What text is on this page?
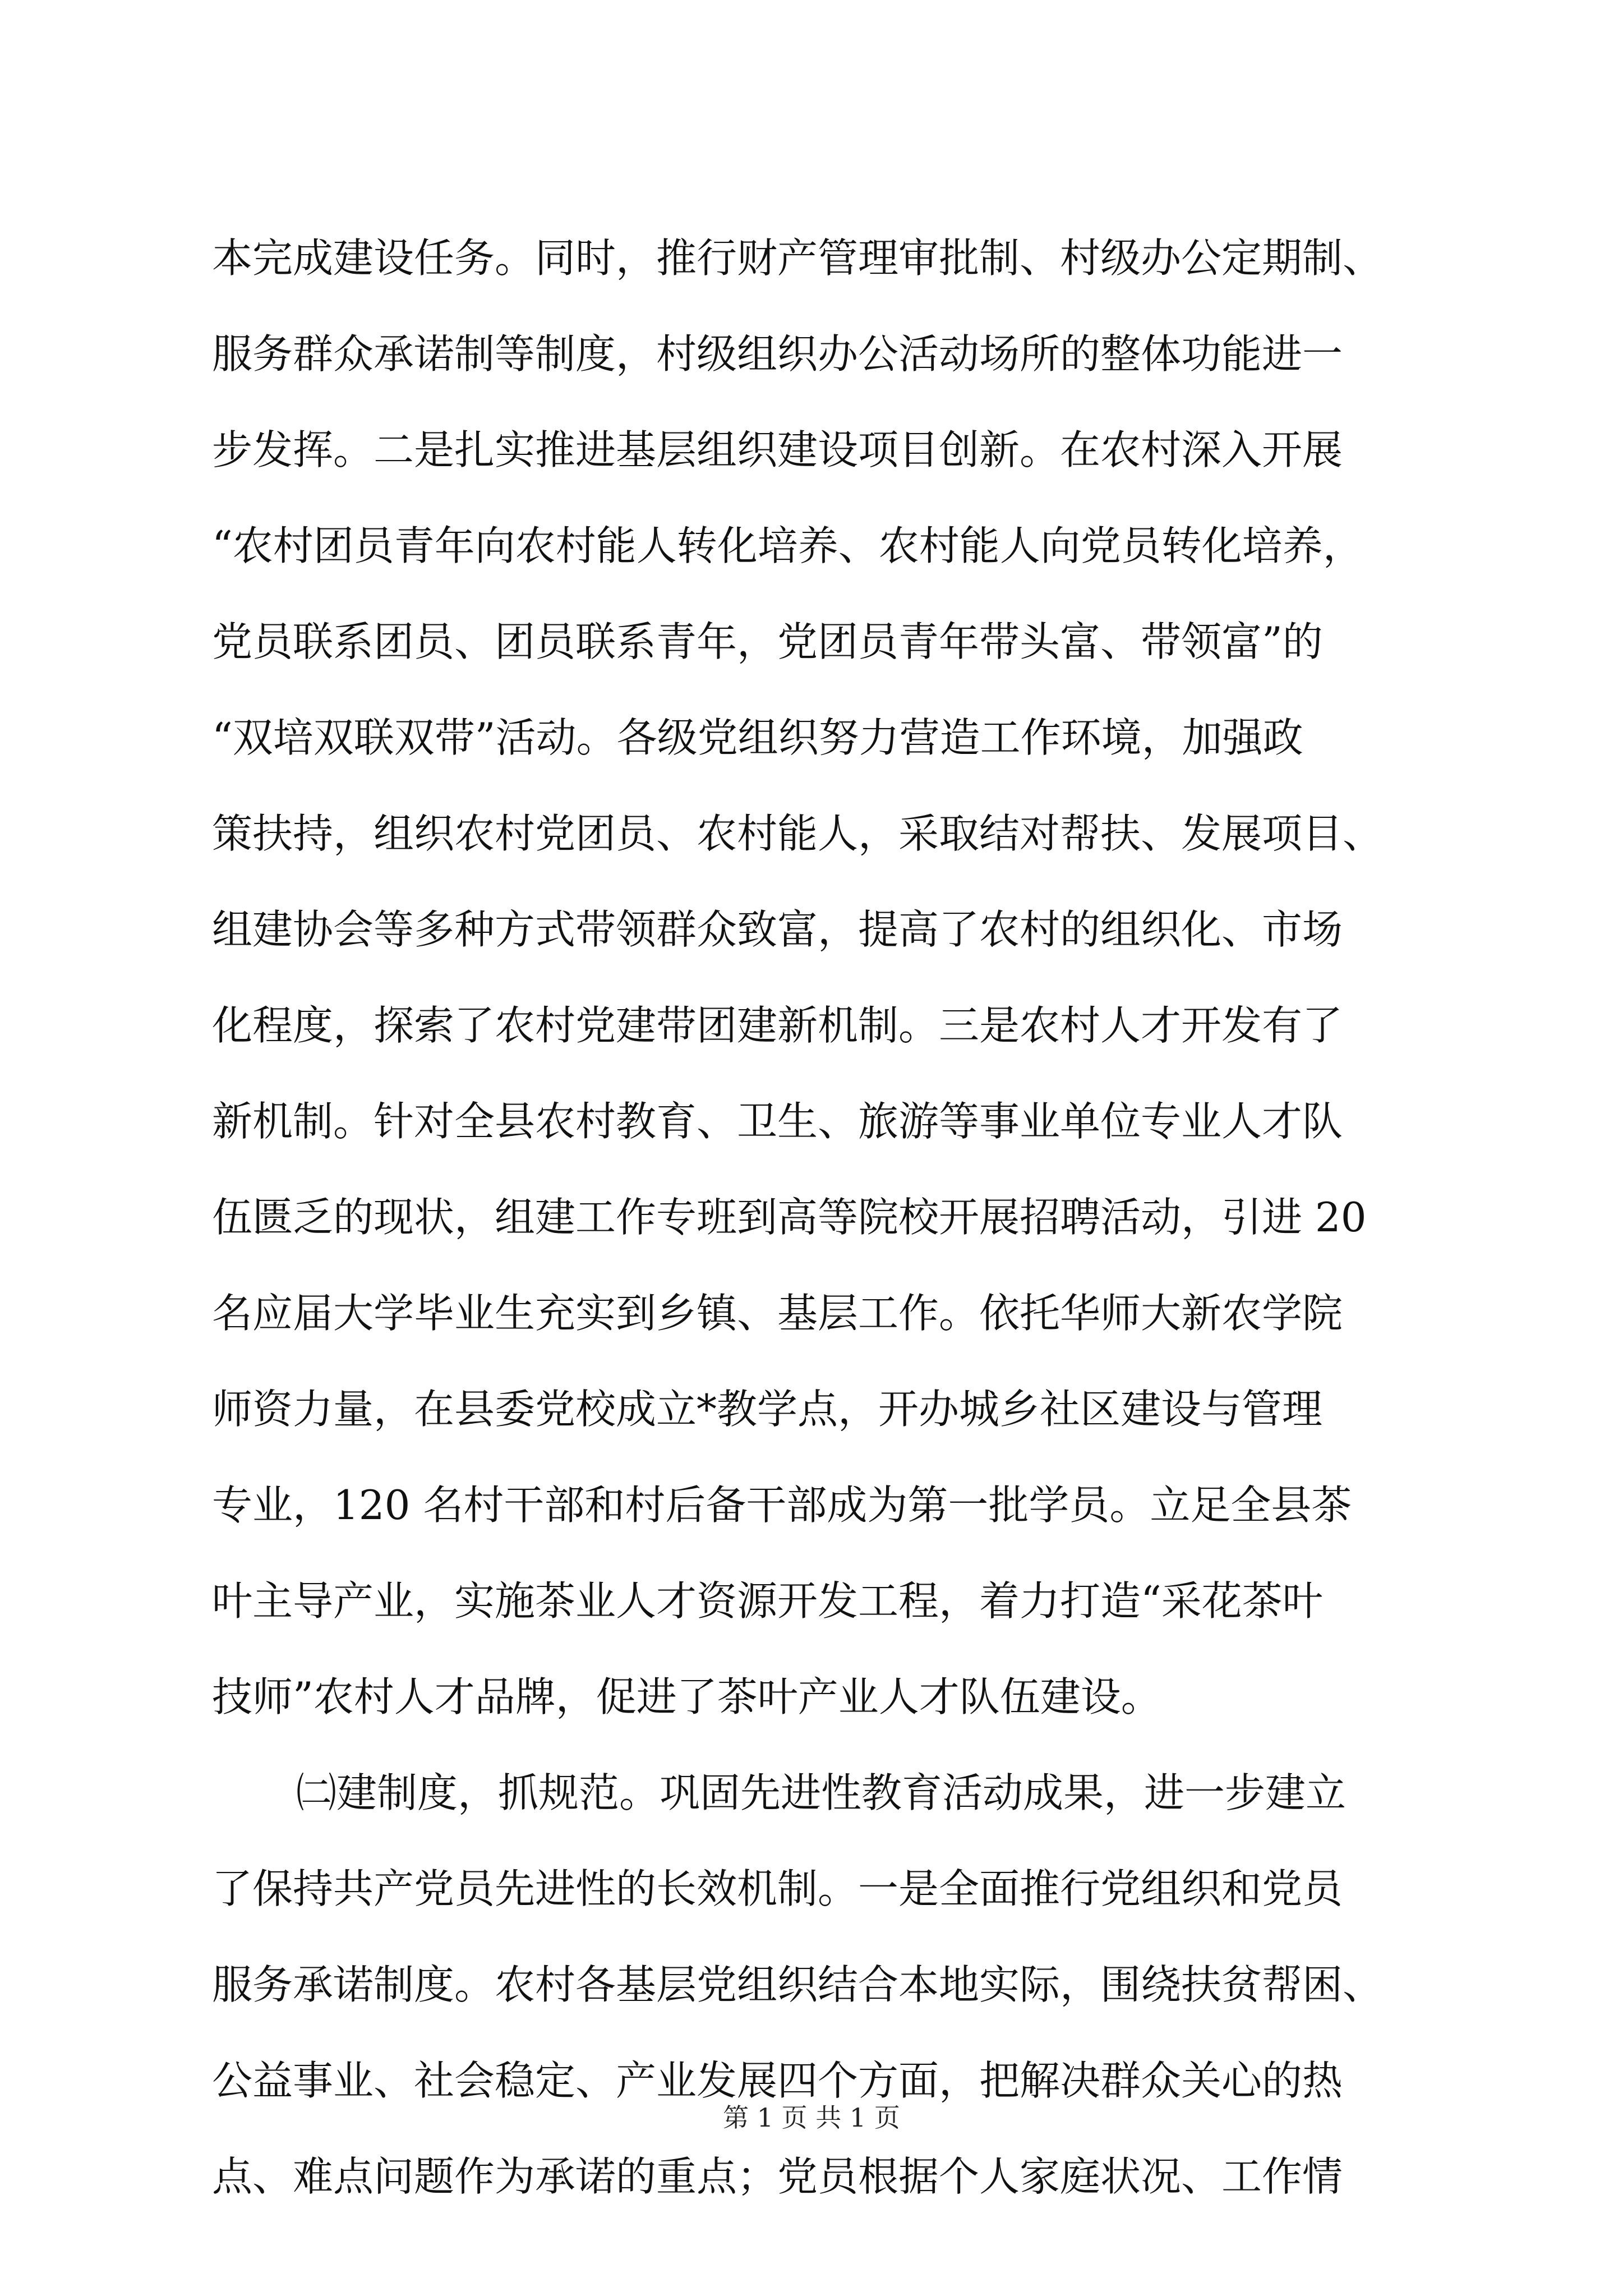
本完成建设任务。同时，推行财产管理审批制、村级办公定期制、
服务群众承诺制等制度，村级组织办公活动场所的整体功能进一
步发挥。二是扎实推进基层组织建设项目创新。在农村深入开展
“农村团员青年向农村能人转化培养、农村能人向党员转化培养，
党员联系团员、团员联系青年，党团员青年带头富、带领富”的
“双培双联双带”活动。各级党组织努力营造工作环境，加强政
策扶持，组织农村党团员、农村能人，采取结对帮扶、发展项目、
组建协会等多种方式带领群众致富，提高了农村的组织化、市场
化程度，探索了农村党建带团建新机制。三是农村人才开发有了
新机制。针对全县农村教育、卫生、旅游等事业单位专业人才队
伍匮乏的现状，组建工作专班到高等院校开展招聘活动，引进 20
名应届大学毕业生充实到乡镇、基层工作。依托华师大新农学院
师资力量，在县委党校成立*教学点，开办城乡社区建设与管理
专业，120 名村干部和村后备干部成为第一批学员。立足全县茶
叶主导产业，实施茶业人才资源开发工程，着力打造“采花茶叶
技师”农村人才品牌，促进了茶叶产业人才队伍建设。
㈡建制度，抓规范。巩固先进性教育活动成果，进一步建立
了保持共产党员先进性的长效机制。一是全面推行党组织和党员
服务承诺制度。农村各基层党组织结合本地实际，围绕扶贫帮困、
公益事业、社会稳定、产业发展四个方面，把解决群众关心的热
点、难点问题作为承诺的重点；党员根据个人家庭状况、工作情
第 1 页 共 1 页
